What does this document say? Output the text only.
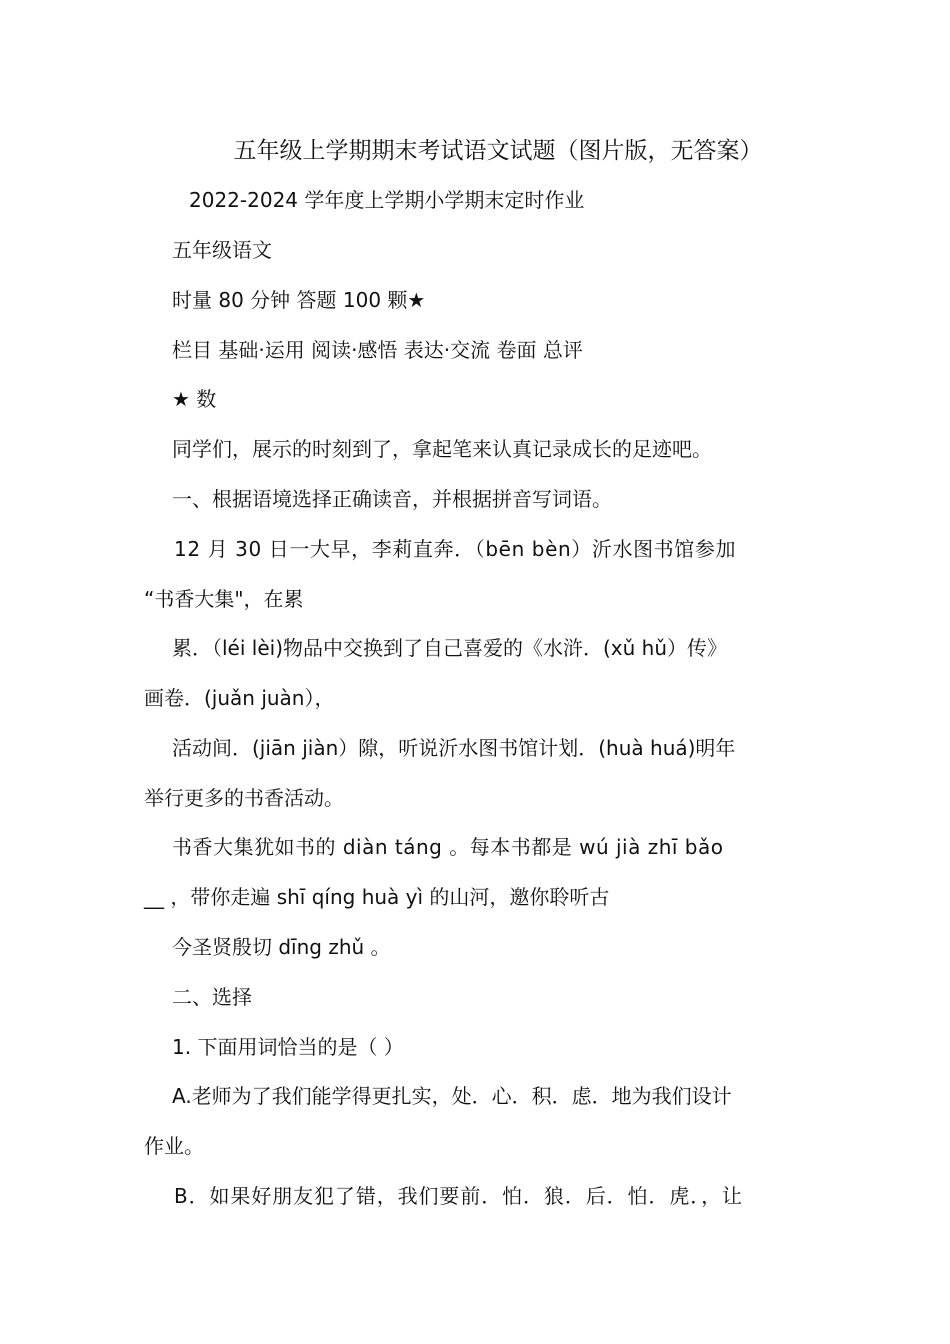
五年级上学期期末考试语文试题（图片版，无答案）
2022-2024 学年度上学期小学期末定时作业
五年级语文
时量 80 分钟 答题 100 颗★
栏目 基础·运用 阅读·感悟 表达·交流 卷面 总评
★ 数
同学们，展示的时刻到了，拿起笔来认真记录成长的足迹吧。
一、根据语境选择正确读音，并根据拼音写词语。
12 月 30 日一大早，李莉直奔．（bēn bèn）沂水图书馆参加
“书香大集"，在累
累．（léi lèi)物品中交换到了自己喜爱的《水浒．(xǔ hǔ）传》
画卷．(juǎn juàn），
活动间．(jiān jiàn）隙，听说沂水图书馆计划．(huà huá)明年
举行更多的书香活动。
书香大集犹如书的 diàn táng 。每本书都是 wú jià zhī bǎo
__ ，带你走遍 shī qíng huà yì 的山河，邀你聆听古
今圣贤殷切 dīng zhǔ 。
二、选择
1. 下面用词恰当的是（ ）
A.老师为了我们能学得更扎实，处．心．积．虑．地为我们设计
作业。
B．如果好朋友犯了错，我们要前．怕．狼．后．怕．虎．，让
